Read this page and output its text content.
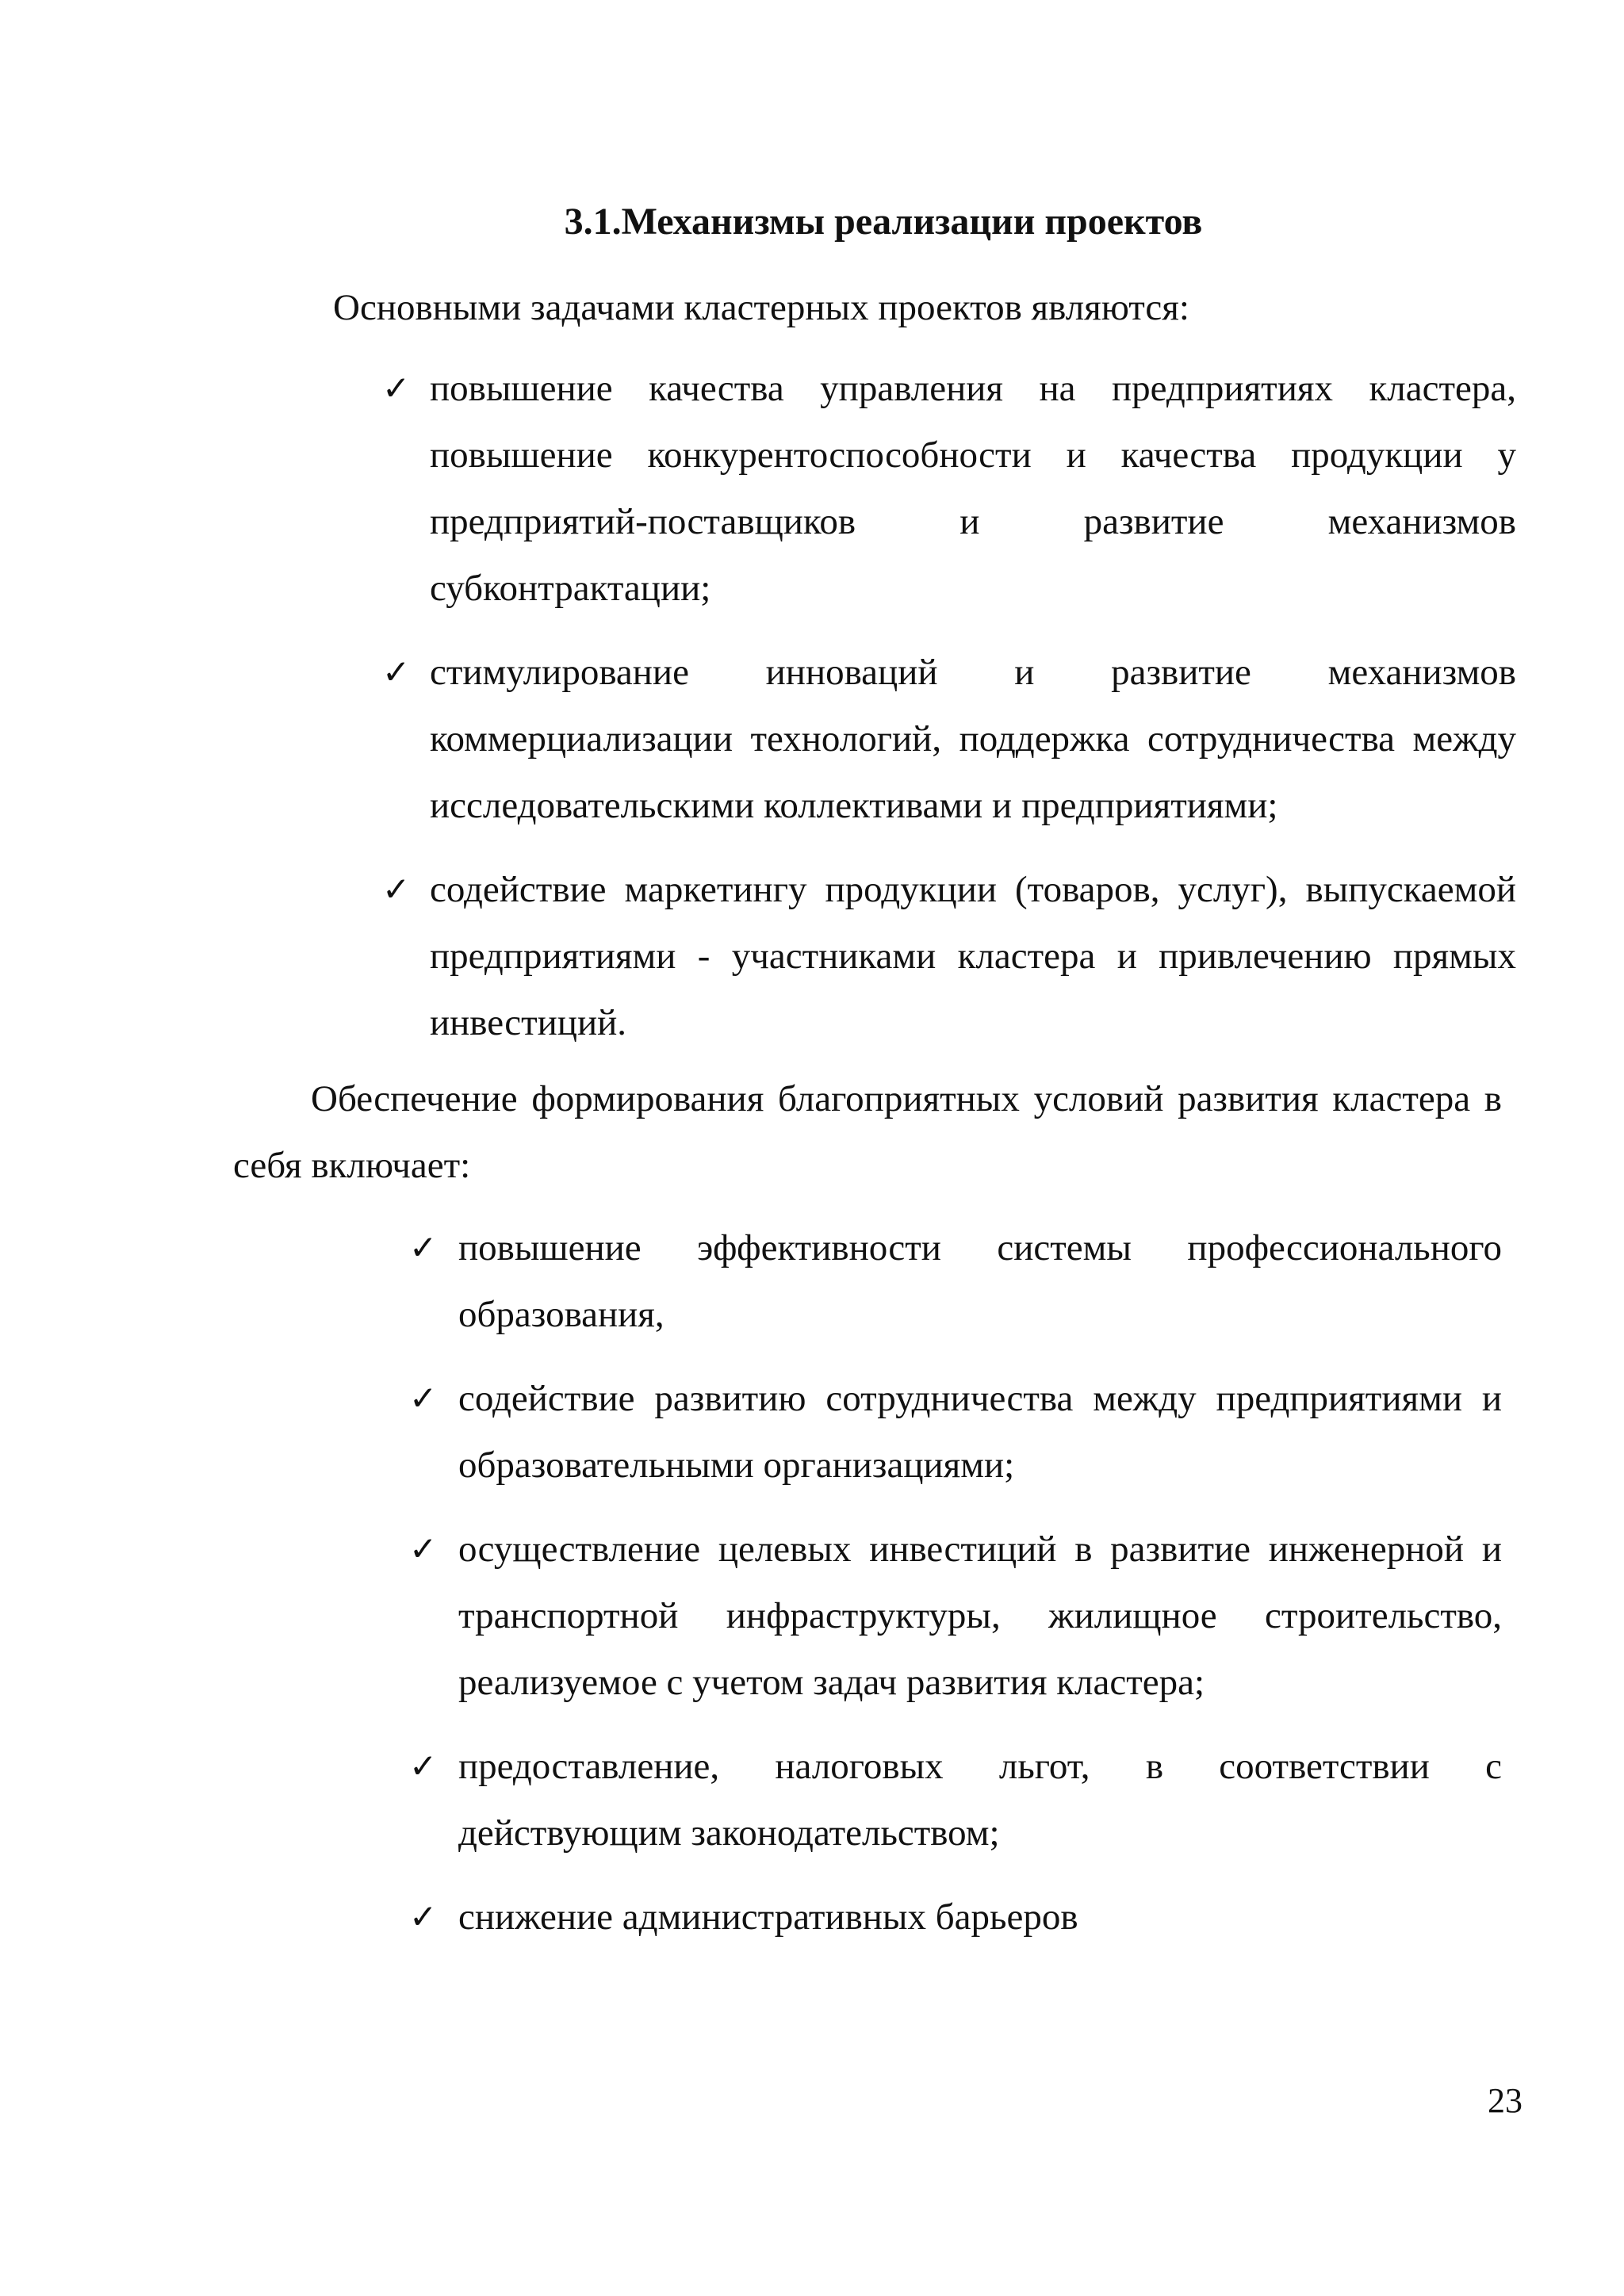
3.1.Механизмы реализации проектов
Основными задачами кластерных проектов являются:
✓ повышение качества управления на предприятиях кластера, повышение конкурентоспособности и качества продукции у предприятий-поставщиков и развитие механизмов субконтрактации;
✓ стимулирование инноваций и развитие механизмов коммерциализации технологий, поддержка сотрудничества между исследовательскими коллективами и предприятиями;
✓ содействие маркетингу продукции (товаров, услуг), выпускаемой предприятиями - участниками кластера и привлечению прямых инвестиций.
Обеспечение формирования благоприятных условий развития кластера в себя включает:
✓ повышение эффективности системы профессионального образования,
✓ содействие развитию сотрудничества между предприятиями и образовательными организациями;
✓ осуществление целевых инвестиций в развитие инженерной и транспортной инфраструктуры, жилищное строительство, реализуемое с учетом задач развития кластера;
✓ предоставление, налоговых льгот, в соответствии с действующим законодательством;
✓ снижение административных барьеров
23
